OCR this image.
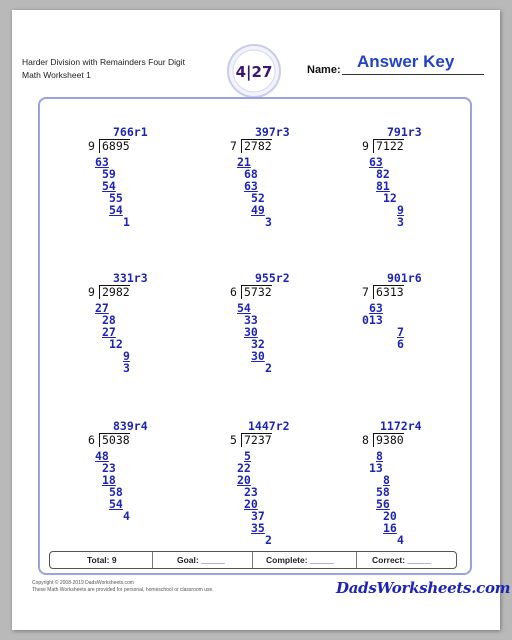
Harder Division with Remainders Four Digit
Math Worksheet 1	4|27	Name: Answer Key
766r1
9 6895
63
59
54
55
54
1
397r3
7 2782
21
68
63
52
49
3
791r3
9 7122
63
82
81
12
9
3
331r3
9 2982
27
28
27
12
9
3
955r2
6 5732
54
33
30
32
30
2
901r6
7 6313
63
013
7
6
839r4
6 5038
48
23
18
58
54
4
1447r2
5 7237
5
22
20
23
20
37
35
2
1172r4
8 9380
8
13
8
58
56
20
16
4
Total: 9	Goal: _____	Complete: _____	Correct: _____
Copyright © 2008-2019 DadsWorksheets.com
These Math Worksheets are provided for personal, homeschool or classroom use.	DadsWorksheets.com
